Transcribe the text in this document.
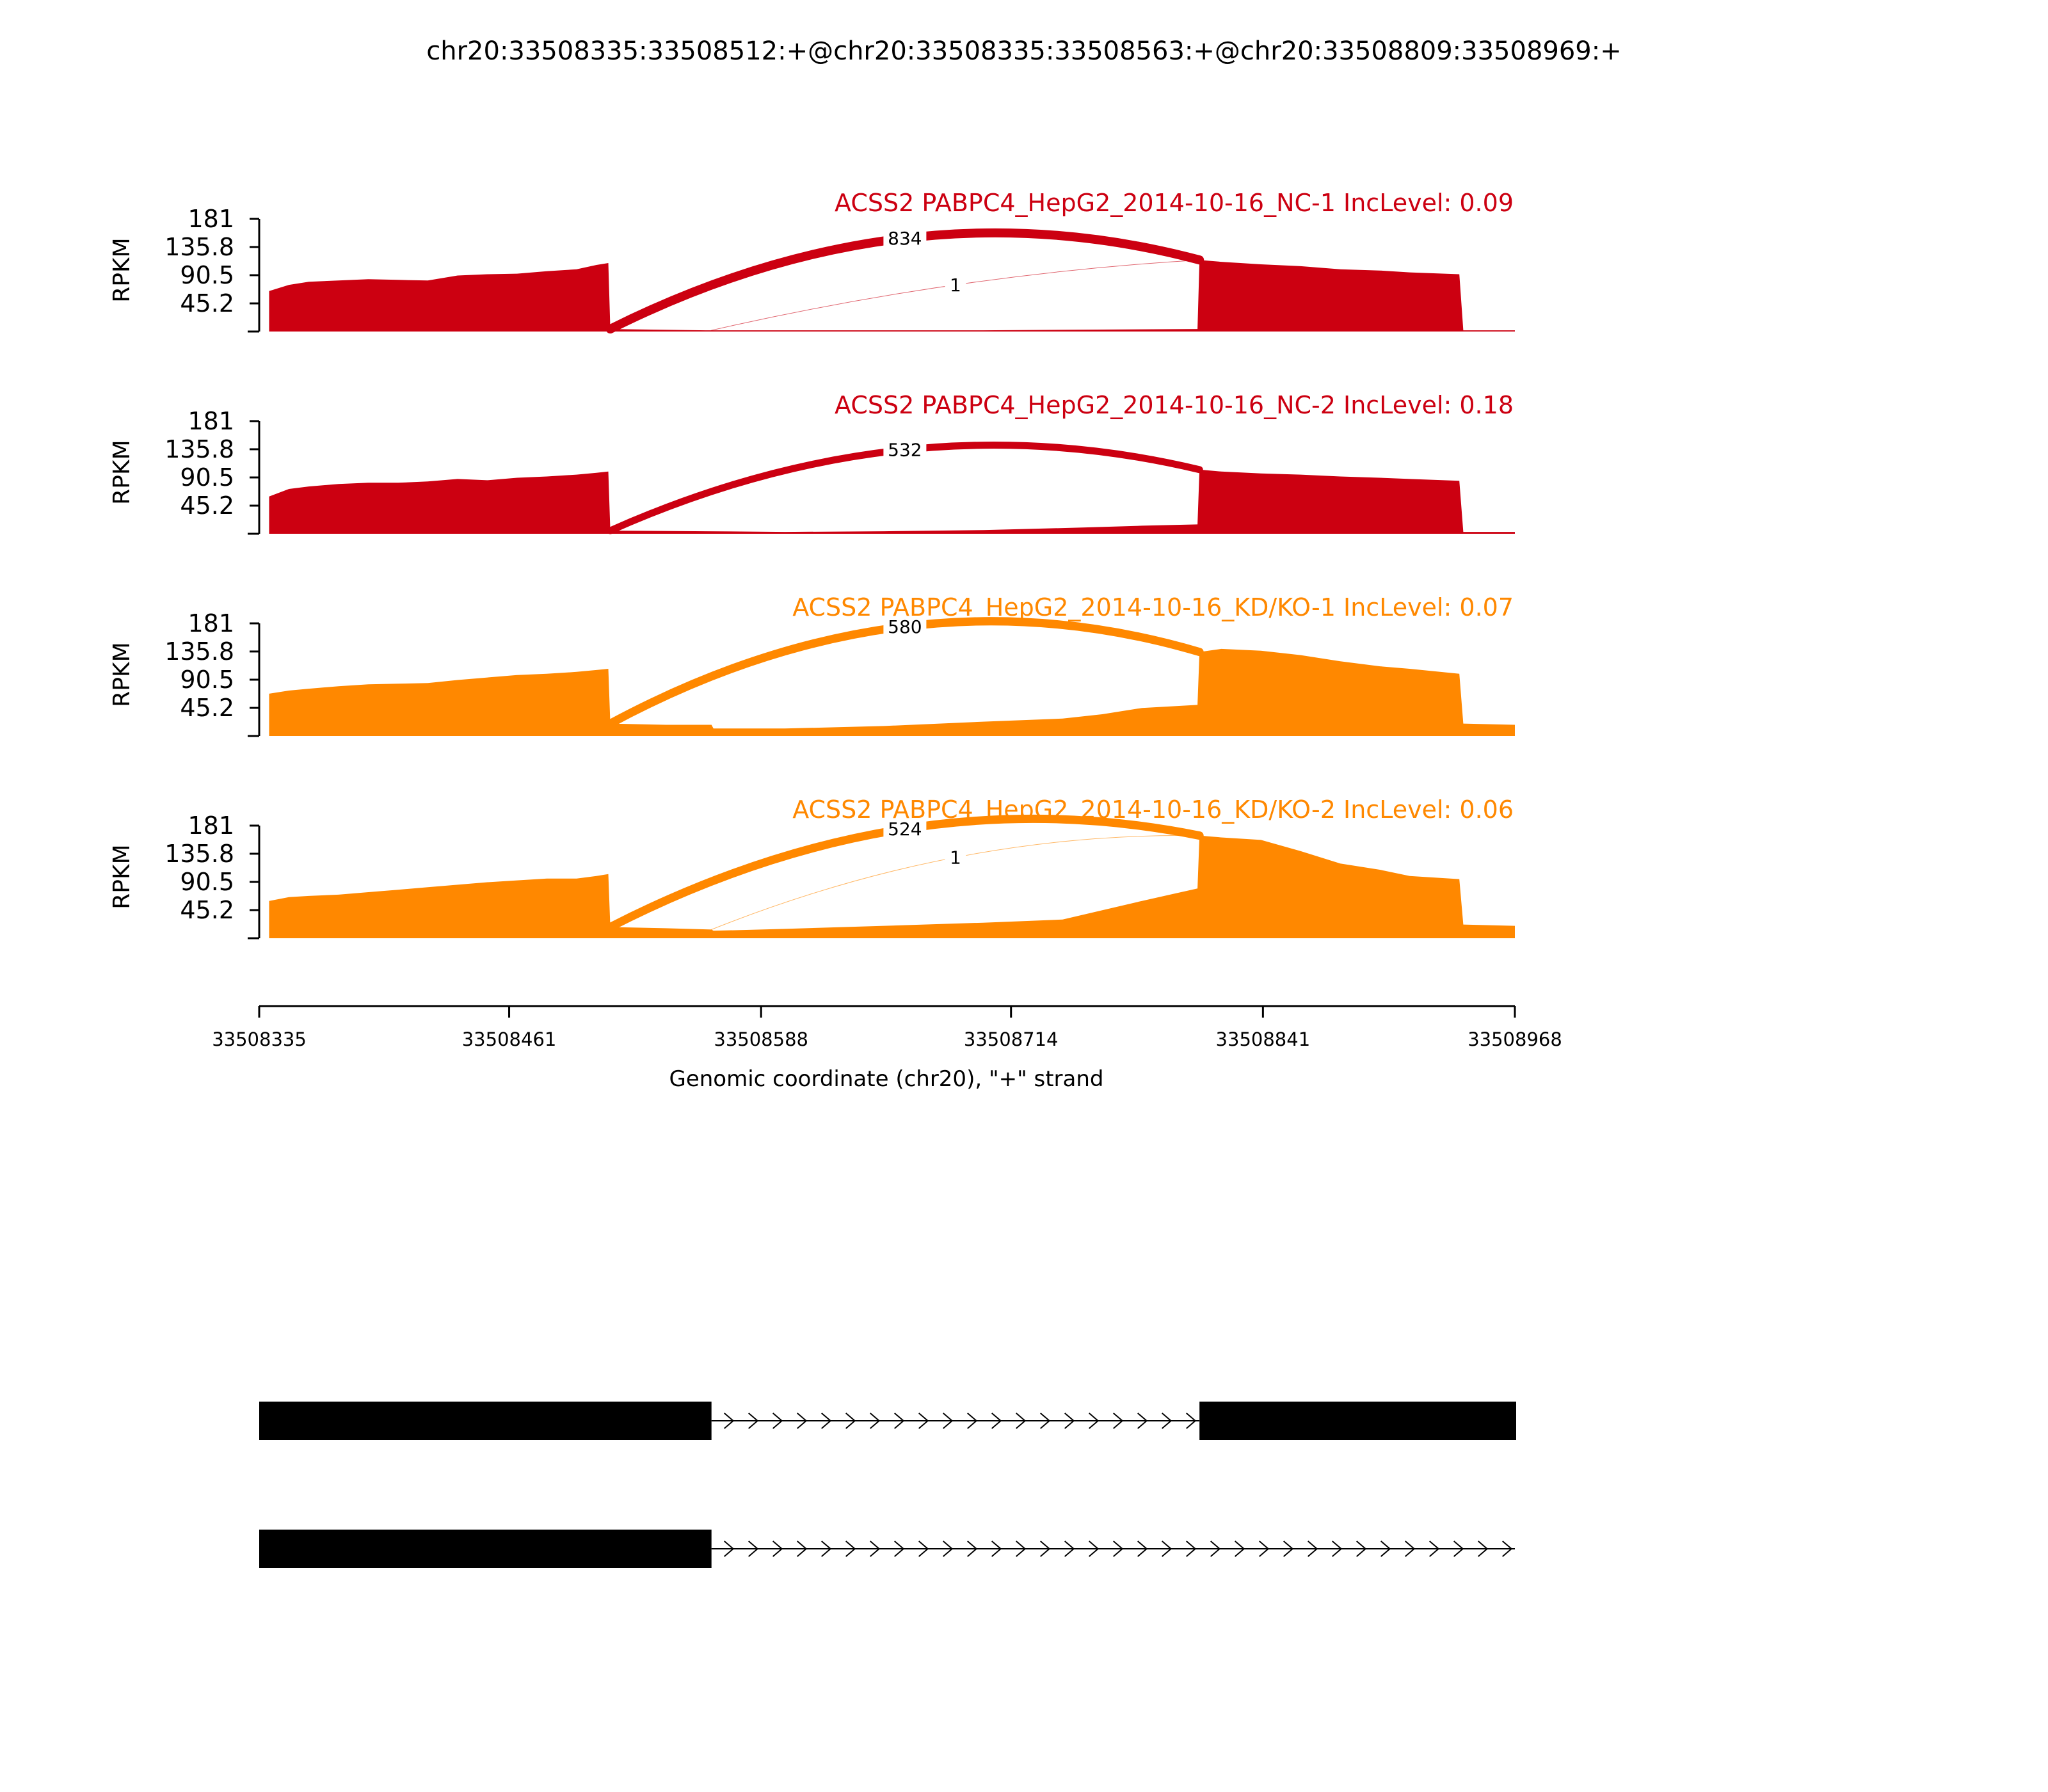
chr20:33508335:33508512:+@chr20:33508335:33508563:+@chr20:33508809:33508969:+
834
1
181
135.8
90.5
45.2
RPKM
ACSS2 PABPC4_HepG2_2014-10-16_NC-1 IncLevel: 0.09
532
181
135.8
90.5
45.2
RPKM
ACSS2 PABPC4_HepG2_2014-10-16_NC-2 IncLevel: 0.18
580
181
135.8
90.5
45.2
RPKM
ACSS2 PABPC4_HepG2_2014-10-16_KD/KO-1 IncLevel: 0.07
524
1
181
135.8
90.5
45.2
RPKM
ACSS2 PABPC4_HepG2_2014-10-16_KD/KO-2 IncLevel: 0.06
33508335	33508461	33508588	33508714	33508841	33508968
Genomic coordinate (chr20), "+" strand
